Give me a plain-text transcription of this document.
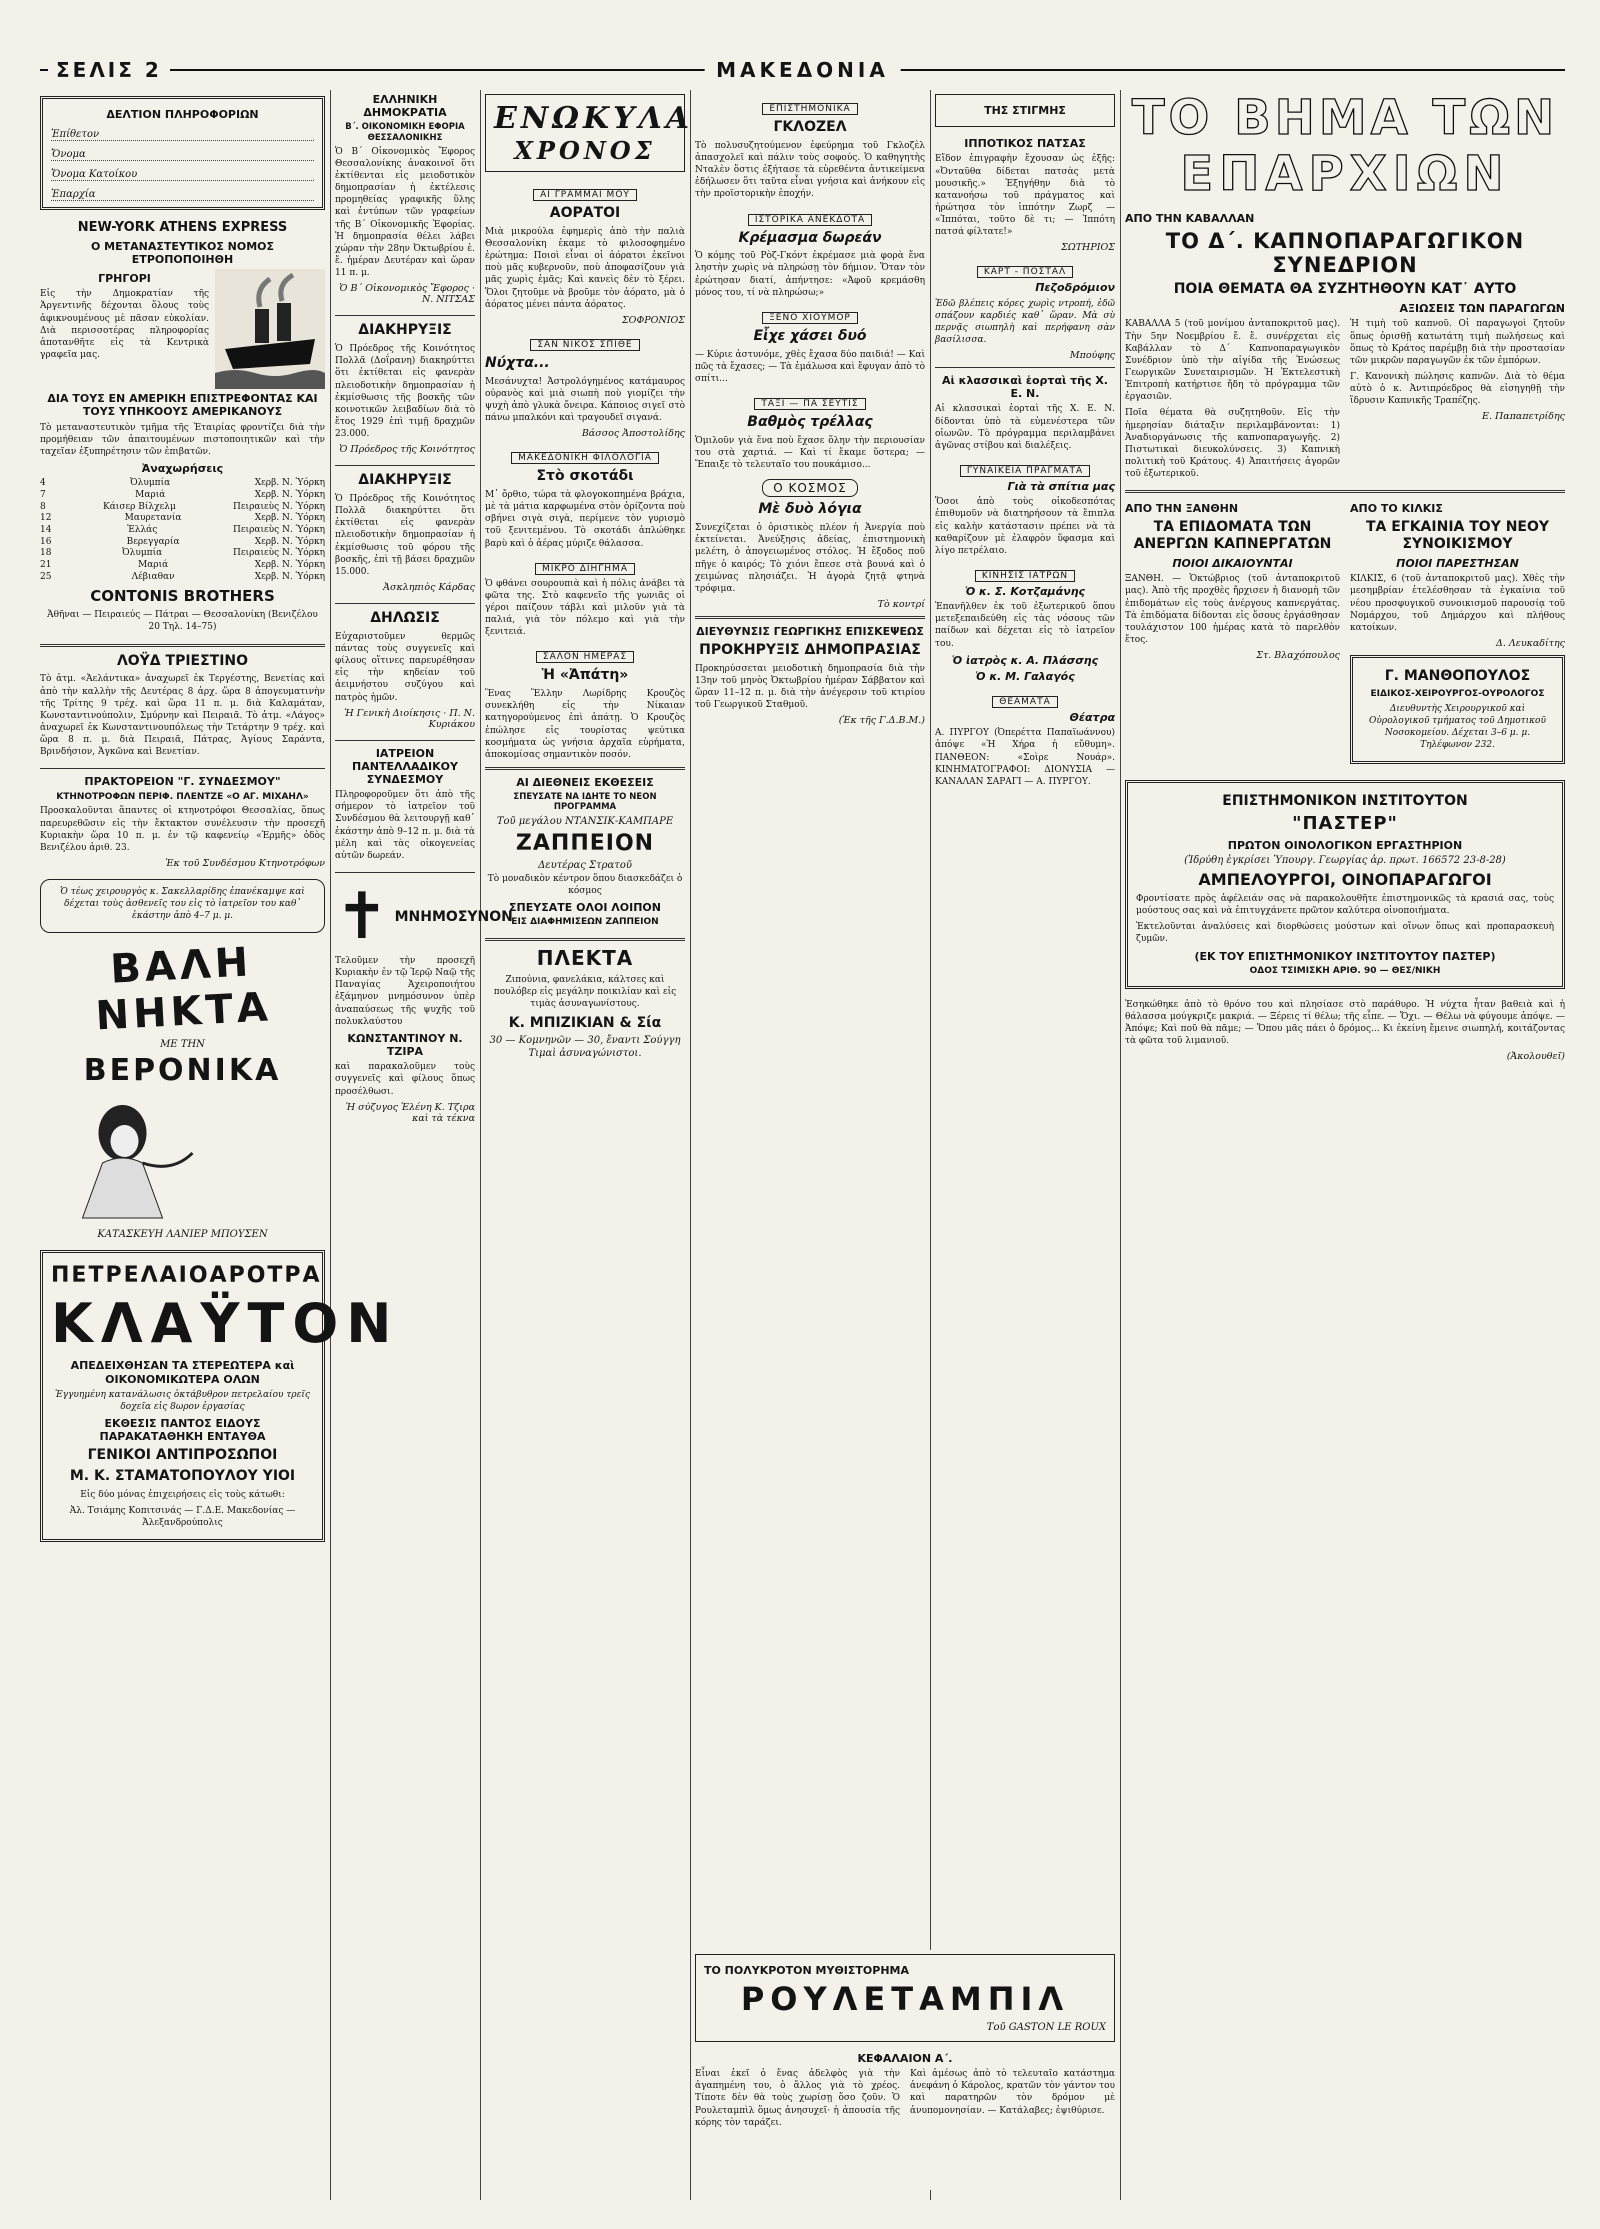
ΣΕΛΙΣ 2	ΜΑΚΕΔΟΝΙΑ
ΔΕΛΤΙΟΝ ΠΛΗΡΟΦΟΡΙΩΝ
Ἐπίθετον
Ὄνομα
Ὄνομα Κατοίκου
Ἐπαρχία
NEW-YORK ATHENS EXPRESS
Ο ΜΕΤΑΝΑΣΤΕΥΤΙΚΟΣ ΝΟΜΟΣ ΕΤΡΟΠΟΠΟΙΗΘΗ
ΓΡΗΓΟΡΙ

Εἰς τὴν Δημοκρατίαν τῆς Ἀργεντινῆς δέχονται ὅλους τοὺς ἀφικνουμένους μὲ πᾶσαν εὐκολίαν. Διὰ περισσοτέρας πληροφορίας ἀποτανθῆτε εἰς τὰ Κεντρικὰ γραφεῖα μας.

ΔΙΑ ΤΟΥΣ ΕΝ ΑΜΕΡΙΚΗ ΕΠΙΣΤΡΕΦΟΝΤΑΣ ΚΑΙ ΤΟΥΣ ΥΠΗΚΟΟΥΣ ΑΜΕΡΙΚΑΝΟΥΣ

Τὸ μεταναστευτικὸν τμῆμα τῆς Ἑταιρίας φροντίζει διὰ τὴν προμήθειαν τῶν ἀπαιτουμένων πιστοποιητικῶν καὶ τὴν ταχεῖαν ἐξυπηρέτησιν τῶν ἐπιβατῶν.

Ἀναχωρήσεις
4	Ὀλυμπία	Χερβ. Ν. Ὑόρκη
7	Μαριά	Χερβ. Ν. Ὑόρκη
8	Κάισερ Βίλχελμ	Πειραιεὺς Ν. Ὑόρκη
12	Μαυρετανία	Χερβ. Ν. Ὑόρκη
14	Ἑλλάς	Πειραιεὺς Ν. Ὑόρκη
16	Βερεγγαρία	Χερβ. Ν. Ὑόρκη
18	Ὀλυμπία	Πειραιεὺς Ν. Ὑόρκη
21	Μαριά	Χερβ. Ν. Ὑόρκη
25	Λέβιαθαν	Χερβ. Ν. Ὑόρκη
CONTONIS BROTHERS

Ἀθῆναι — Πειραιεύς — Πάτραι — Θεσσαλονίκη (Βενιζέλου 20 Τηλ. 14–75)

ΛΟΫΔ ΤΡΙΕΣΤΙΝΟ

Τὸ ἀτμ. «Ἀελάντικα» ἀναχωρεῖ ἐκ Τεργέστης, Βενετίας καὶ ἀπὸ τὴν καλλὴν τῆς Δευτέρας 8 ἀρχ. ὥρα 8 ἀπογευματινὴν τῆς Τρίτης 9 τρέχ. καὶ ὥρα 11 π. μ. διὰ Καλαμάταν, Κωνσταντινούπολιν, Σμύρνην καὶ Πειραιᾶ. Τὸ ἀτμ. «Λάγος» ἀναχωρεῖ ἐκ Κωνσταντινουπόλεως τὴν Τετάρτην 9 τρέχ. καὶ ὥρα 8 π. μ. διὰ Πειραιᾶ, Πάτρας, Ἀγίους Σαράντα, Βρινδήσιον, Ἀγκῶνα καὶ Βενετίαν.

ΠΡΑΚΤΟΡΕΙΟΝ "Γ. ΣΥΝΔΕΣΜΟΥ"
ΚΤΗΝΟΤΡΟΦΩΝ ΠΕΡΙΦ. ΠΛΕΝΤΖΕ «Ο ΑΓ. ΜΙΧΑΗΛ»

Προσκαλοῦνται ἅπαντες οἱ κτηνοτρόφοι Θεσσαλίας, ὅπως παρευρεθῶσιν εἰς τὴν ἔκτακτον συνέλευσιν τὴν προσεχῆ Κυριακὴν ὥρα 10 π. μ. ἐν τῷ καφενείῳ «Ἐρμῆς» ὁδὸς Βενιζέλου ἀριθ. 23.

Ἐκ τοῦ Συνδέσμου Κτηνοτρόφων

Ὁ τέως χειρουργὸς κ. Σακελλαρίδης ἐπανέκαμψε καὶ δέχεται τοὺς ἀσθενεῖς του εἰς τὸ ἰατρεῖον του καθ᾽ ἑκάστην ἀπὸ 4–7 μ. μ.

ΒΑΛΗ ΝΗΚΤΑ
ΜΕ ΤΗΝ
ΒΕΡΟΝΙΚΑ
ΚΑΤΑΣΚΕΥΗ ΛΑΝΙΕΡ ΜΠΟΥΣΕΝ
ΠΕΤΡΕΛΑΙΟΑΡΟΤΡΑ
ΚΛΑΫΤΟΝ
ΑΠΕΔΕΙΧΘΗΣΑΝ ΤΑ ΣΤΕΡΕΩΤΕΡΑ καὶ ΟΙΚΟΝΟΜΙΚΩΤΕΡΑ ΟΛΩΝ

Ἐγγυημένη κατανάλωσις ὀκτάβυθρον πετρελαίου τρεῖς δοχεῖα εἰς 8ωρον ἐργασίας

ΕΚΘΕΣΙΣ ΠΑΝΤΟΣ ΕΙΔΟΥΣ ΠΑΡΑΚΑΤΑΘΗΚΗ ΕΝΤΑΥΘΑ
ΓΕΝΙΚΟΙ ΑΝΤΙΠΡΟΣΩΠΟΙ
Μ. Κ. ΣΤΑΜΑΤΟΠΟΥΛΟΥ ΥΙΟΙ

Εἰς δύο μόνας ἐπιχειρήσεις εἰς τοὺς κάτωθι:

Ἀλ. Τσιάμης Κοπιτσινάς — Γ.Δ.Ε. Μακεδονίας — Ἀλεξανδρούπολις

ΕΛΛΗΝΙΚΗ ΔΗΜΟΚΡΑΤΙΑ
Β΄. ΟΙΚΟΝΟΜΙΚΗ ΕΦΟΡΙΑ ΘΕΣΣΑΛΟΝΙΚΗΣ

Ὁ Β΄ Οἰκονομικὸς Ἔφορος Θεσσαλονίκης ἀνακοινοῖ ὅτι ἐκτίθενται εἰς μειοδοτικὸν δημοπρασίαν ἡ ἐκτέλεσις προμηθείας γραφικῆς ὕλης καὶ ἐντύπων τῶν γραφείων τῆς Β΄ Οἰκονομικῆς Ἐφορίας. Ἡ δημοπρασία θέλει λάβει χώραν τὴν 28ην Ὀκτωβρίου ἐ. ἔ. ἡμέραν Δευτέραν καὶ ὥραν 11 π. μ.

Ὁ Β΄ Οἰκονομικὸς Ἔφορος · Ν. ΝΙΤΣΑΣ
ΔΙΑΚΗΡΥΞΙΣ

Ὁ Πρόεδρος τῆς Κοινότητος Πολλᾶ (Δοΐρανη) διακηρύττει ὅτι ἐκτίθεται εἰς φανερὰν πλειοδοτικὴν δημοπρασίαν ἡ ἐκμίσθωσις τῆς βοσκῆς τῶν κοινοτικῶν λειβαδίων διὰ τὸ ἔτος 1929 ἐπὶ τιμῇ δραχμῶν 23.000.

Ὁ Πρόεδρος τῆς Κοινότητος
ΔΙΑΚΗΡΥΞΙΣ

Ὁ Πρόεδρος τῆς Κοινότητος Πολλᾶ διακηρύττει ὅτι ἐκτίθεται εἰς φανερὰν πλειοδοτικὴν δημοπρασίαν ἡ ἐκμίσθωσις τοῦ φόρου τῆς βοσκῆς, ἐπὶ τῇ βάσει δραχμῶν 15.000.

Ἀσκληπιὸς Κάρδας
ΔΗΛΩΣΙΣ

Εὐχαριστοῦμεν θερμῶς πάντας τοὺς συγγενεῖς καὶ φίλους οἵτινες παρευρέθησαν εἰς τὴν κηδείαν τοῦ ἀειμνήστου συζύγου καὶ πατρὸς ἡμῶν.

Ἡ Γενικὴ Διοίκησις · Π. Ν. Κυριάκου
ΙΑΤΡΕΙΟΝ ΠΑΝΤΕΛΛΑΔΙΚΟΥ ΣΥΝΔΕΣΜΟΥ

Πληροφοροῦμεν ὅτι ἀπὸ τῆς σήμερον τὸ ἰατρεῖον τοῦ Συνδέσμου θὰ λειτουργῇ καθ᾽ ἑκάστην ἀπὸ 9–12 π. μ. διὰ τὰ μέλη καὶ τὰς οἰκογενείας αὐτῶν δωρεάν.

✝ ΜΝΗΜΟΣΥΝΟΝ

Τελοῦμεν τὴν προσεχῆ Κυριακὴν ἐν τῷ Ἱερῷ Ναῷ τῆς Παναγίας Ἀχειροποιήτου ἑξάμηνον μνημόσυνον ὑπὲρ ἀναπαύσεως τῆς ψυχῆς τοῦ πολυκλαύστου

ΚΩΝΣΤΑΝΤΙΝΟΥ Ν. ΤΖΙΡΑ

καὶ παρακαλοῦμεν τοὺς συγγενεῖς καὶ φίλους ὅπως προσέλθωσι.

Ἡ σύζυγος Ἑλένη Κ. Τζιρα καὶ τὰ τέκνα
ΕΝΩΚΥΛΑ
ΧΡΟΝΟΣ
ΑΙ ΓΡΑΜΜΑΙ ΜΟΥ
ΑΟΡΑΤΟΙ

Μιὰ μικρούλα ἐφημερὶς ἀπὸ τὴν παλιὰ Θεσσαλονίκη ἐκαμε τὸ φιλοσοφημένο ἐρώτημα: Ποιοὶ εἶναι οἱ ἀόρατοι ἐκεῖνοι ποὺ μᾶς κυβερνοῦν, ποὺ ἀποφασίζουν γιὰ μᾶς χωρὶς ἐμᾶς; Καὶ κανεὶς δὲν τὸ ξέρει. Ὅλοι ζητοῦμε νὰ βροῦμε τὸν ἀόρατο, μὰ ὁ ἀόρατος μένει πάντα ἀόρατος.

ΣΟΦΡΟΝΙΟΣ
ΣΑΝ ΝΙΚΟΣ ΣΠΙΘΕ
Νύχτα...

Μεσάνυχτα! Ἀστρολόγημένος κατάμαυρος οὐρανὸς καὶ μιὰ σιωπὴ ποὺ γιομίζει τὴν ψυχὴ ἀπὸ γλυκὰ ὄνειρα. Κάποιος σιγεῖ στὸ πάνω μπαλκόνι καὶ τραγουδεῖ σιγανά.

Βάσσος Ἀποστολίδης
ΜΑΚΕΔΟΝΙΚΗ ΦΙΛΟΛΟΓΙΑ
Στὸ σκοτάδι

Μ᾽ ὄρθιο, τώρα τὰ φλογοκοπημένα βράχια, μὲ τὰ μάτια καρφωμένα στὸν ὁρίζοντα ποὺ σβήνει σιγὰ σιγὰ, περίμενε τὸν γυρισμὸ τοῦ ξενιτεμένου. Τὸ σκοτάδι ἁπλώθηκε βαρὺ καὶ ὁ ἀέρας μύριζε θάλασσα.

ΜΙΚΡΟ ΔΙΗΓΗΜΑ

Ὁ φθάνει σουρουπιὰ καὶ ἡ πόλις ἀνάβει τὰ φῶτα της. Στὸ καφενεῖο τῆς γωνιᾶς οἱ γέροι παίζουν τάβλι καὶ μιλοῦν γιὰ τὰ παλιά, γιὰ τὸν πόλεμο καὶ γιὰ τὴν ξενιτειά.

ΣΑΛΟΝ ΗΜΕΡΑΣ
Ἡ «Ἀπάτη»

Ἕνας Ἕλλην Λωρίδρης Κρουζὸς συνεκλήθη εἰς τὴν Νίκαιαν κατηγορούμενος ἐπὶ ἀπάτῃ. Ὁ Κρουζὸς ἐπώλησε εἰς τουρίστας ψεύτικα κοσμήματα ὡς γνήσια ἀρχαῖα εὑρήματα, ἀποκομίσας σημαντικὸν ποσόν.

ΑΙ ΔΙΕΘΝΕΙΣ ΕΚΘΕΣΕΙΣ
ΣΠΕΥΣΑΤΕ ΝΑ ΙΔΗΤΕ ΤΟ ΝΕΟΝ ΠΡΟΓΡΑΜΜΑ
Τοῦ μεγάλου ΝΤΑΝΣΙΚ-ΚΑΜΠΑΡΕ
ΖΑΠΠΕΙΟΝ
Δευτέρας Στρατοῦ

Τὸ μοναδικὸν κέντρον ὅπου διασκεδάζει ὁ κόσμος

ΣΠΕΥΣΑΤΕ ΟΛΟΙ ΛΟΙΠΟΝ
ΕΙΣ ΔΙΑΦΗΜΙΣΕΩΝ ΖΑΠΠΕΙΟΝ
ΠΛΕΚΤΑ

Ζιπούνια, φανελάκια, κάλτσες καὶ πουλόβερ εἰς μεγάλην ποικιλίαν καὶ εἰς τιμὰς ἀσυναγωνίστους.

Κ. ΜΠΙΖΙΚΙΑΝ & Σία
30 — Κομνηνῶν — 30, ἔναντι Σούγγη
Τιμαὶ ἀσυναγώνιστοι.
ΕΠΙΣΤΗΜΟΝΙΚΑ
ΓΚΛΟΖΕΛ

Τὸ πολυσυζητούμενον ἐφεύρημα τοῦ Γκλοζὲλ ἀπασχολεῖ καὶ πάλιν τοὺς σοφούς. Ὁ καθηγητὴς Νταλὲν ὅστις ἐξήτασε τὰ εὑρεθέντα ἀντικείμενα ἐδήλωσεν ὅτι ταῦτα εἶναι γνήσια καὶ ἀνήκουν εἰς τὴν προϊστορικὴν ἐποχήν.

ΙΣΤΟΡΙΚΑ ΑΝΕΚΔΟΤΑ
Κρέμασμα δωρεάν

Ὁ κόμης τοῦ Ρὸζ-Γκόντ ἐκρέμασε μιὰ φορὰ ἕνα ληστὴν χωρὶς νὰ πληρώσῃ τὸν δήμιον. Ὅταν τὸν ἐρώτησαν διατί, ἀπήντησε: «Ἀφοῦ κρεμάσθη μόνος του, τί νὰ πληρώσω;»

ΞΕΝΟ ΧΙΟΥΜΟΡ
Εἶχε χάσει δυό

— Κύριε ἀστυνόμε, χθὲς ἔχασα δύο παιδιά! — Καὶ πῶς τὰ ἔχασες; — Τὰ ἐμάλωσα καὶ ἔφυγαν ἀπὸ τὸ σπίτι...

ΤΑΞΙ — ΠΑ ΣΕΥΤΙΣ
Βαθμὸς τρέλλας

Ὁμιλοῦν γιὰ ἕνα ποὺ ἔχασε ὅλην τὴν περιουσίαν του στὰ χαρτιά. — Καὶ τί ἔκαμε ὕστερα; — Ἔπαιξε τὸ τελευταῖο του πουκάμισο...

Ο ΚΟΣΜΟΣ
Μὲ δυὸ λόγια

Συνεχίζεται ὁ ὀριστικὸς πλέον ἡ Ἀνεργία ποὺ ἐκτείνεται. Ἀνεύξησις ἀδείας, ἐπιστημονικὴ μελέτη, ὁ ἀπογειωμένος στόλος. Ἡ ἔξοδος ποῦ πῆγε ὁ καιρός; Τὸ χιόνι ἔπεσε στὰ βουνά καὶ ὁ χειμώνας πλησιάζει. Ἡ ἀγορὰ ζητᾷ φτηνὰ τρόφιμα.

Τὸ κοντρί
ΔΙΕΥΘΥΝΣΙΣ ΓΕΩΡΓΙΚΗΣ ΕΠΙΣΚΕΨΕΩΣ
ΠΡΟΚΗΡΥΞΙΣ ΔΗΜΟΠΡΑΣΙΑΣ

Προκηρύσσεται μειοδοτικὴ δημοπρασία διὰ τὴν 13ην τοῦ μηνὸς Ὀκτωβρίου ἡμέραν Σάββατον καὶ ὥραν 11–12 π. μ. διὰ τὴν ἀνέγερσιν τοῦ κτιρίου τοῦ Γεωργικοῦ Σταθμοῦ.

(Ἐκ τῆς Γ.Δ.Β.Μ.)
ΤΗΣ ΣΤΙΓΜΗΣ
ΙΠΠΟΤΙΚΟΣ ΠΑΤΣΑΣ

Εἴδον ἐπιγραφὴν ἔχουσαν ὡς ἑξῆς: «Ὀνταῦθα δίδεται πατσὰς μετὰ μουσικῆς.» Ἐξηγήθην διὰ τὸ κατανοήσω τοῦ πράγματος καὶ ἠρώτησα τὸν ἱππότην Ζωρζ — «Ἱππόται, τοῦτο δὲ τι; — Ἱππότη πατσά φίλτατε!»

ΣΩΤΗΡΙΟΣ
ΚΑΡΤ - ΠΟΣΤΑΛ
Πεζοδρόμιον

Ἐδῶ βλέπεις κόρες χωρὶς ντροπή, ἐδῶ σπάζουν καρδιές καθ᾽ ὥραν. Μὰ σὺ περνᾷς σιωπηλὴ καὶ περήφανη σὰν βασίλισσα.

Μπούφης
Αἱ κλασσικαὶ ἑορταὶ τῆς Χ. Ε. Ν.

Αἱ κλασσικαὶ ἑορταὶ τῆς Χ. Ε. Ν. δίδονται ὑπὸ τὰ εὐμενέστερα τῶν οἰωνῶν. Τὸ πρόγραμμα περιλαμβάνει ἀγῶνας στίβου καὶ διαλέξεις.

ΓΥΝΑΙΚΕΙΑ ΠΡΑΓΜΑΤΑ
Γιὰ τὰ σπίτια μας

Ὅσοι ἀπὸ τοὺς οἰκοδεσπότας ἐπιθυμοῦν νὰ διατηρήσουν τὰ ἔπιπλα εἰς καλὴν κατάστασιν πρέπει νὰ τὰ καθαρίζουν μὲ ἐλαφρὸν ὕφασμα καὶ λίγο πετρέλαιο.

ΚΙΝΗΣΙΣ ΙΑΤΡΩΝ
Ὁ κ. Σ. Κοτζαμάνης

Ἐπανῆλθεν ἐκ τοῦ ἐξωτερικοῦ ὅπου μετεξεπαιδεύθη εἰς τὰς νόσους τῶν παίδων καὶ δέχεται εἰς τὸ ἰατρεῖον του.

Ὁ ἰατρὸς κ. Α. Πλάσσης
Ὁ κ. Μ. Γαλαγός
ΘΕΑΜΑΤΑ
Θέατρα

Α. ΠΥΡΓΟΥ (Ὀπερέττα Παπαϊωάννου) ἀπόψε «Ἡ Χήρα ἡ εὔθυμη». ΠΑΝΘΕΟΝ: «Σοὶρε Νουάρ». ΚΙΝΗΜΑΤΟΓΡΑΦΟΙ: ΔΙΟΝΥΣΙΑ — ΚΑΝΑΛΑΝ ΣΑΡΑΓΙ — Α. ΠΥΡΓΟΥ.

ΤΟ ΒΗΜΑ ΤΩΝ
ΕΠΑΡΧΙΩΝ
ΑΠΟ ΤΗΝ ΚΑΒΑΛΛΑΝ
ΤΟ Δ΄. ΚΑΠΝΟΠΑΡΑΓΩΓΙΚΟΝ ΣΥΝΕΔΡΙΟΝ
ΠΟΙΑ ΘΕΜΑΤΑ ΘΑ ΣΥΖΗΤΗΘΟΥΝ ΚΑΤ᾽ ΑΥΤΟ
ΑΞΙΩΣΕΙΣ ΤΩΝ ΠΑΡΑΓΩΓΩΝ

ΚΑΒΑΛΛΑ 5 (τοῦ μονίμου ἀνταποκριτοῦ μας). Τὴν 5ην Νοεμβρίου ἔ. ἔ. συνέρχεται εἰς Καβάλλαν τὸ Δ΄ Καπνοπαραγωγικὸν Συνέδριον ὑπὸ τὴν αἰγίδα τῆς Ἑνώσεως Γεωργικῶν Συνεταιρισμῶν. Ἡ Ἐκτελεστικὴ Ἐπιτροπὴ κατήρτισε ἤδη τὸ πρόγραμμα τῶν ἐργασιῶν.

Ποῖα θέματα θὰ συζητηθοῦν. Εἰς τὴν ἡμερησίαν διάταξιν περιλαμβάνονται: 1) Ἀναδιοργάνωσις τῆς καπνοπαραγωγῆς. 2) Πιστωτικαὶ διευκολύνσεις. 3) Καπνικὴ πολιτικὴ τοῦ Κράτους. 4) Ἀπαιτήσεις ἀγορῶν τοῦ ἐξωτερικοῦ.

Ἡ τιμὴ τοῦ καπνοῦ. Οἱ παραγωγοὶ ζητοῦν ὅπως ὁρισθῇ κατωτάτη τιμὴ πωλήσεως καὶ ὅπως τὸ Κράτος παρέμβῃ διὰ τὴν προστασίαν τῶν μικρῶν παραγωγῶν ἐκ τῶν ἐμπόρων.

Γ. Κανονικὴ πώλησις καπνῶν. Διὰ τὸ θέμα αὐτὸ ὁ κ. Ἀντιπρόεδρος θὰ εἰσηγηθῇ τὴν ἵδρυσιν Καπνικῆς Τραπέζης.

Ε. Παπαπετρίδης
ΑΠΟ ΤΗΝ ΞΑΝΘΗΝ
ΤΑ ΕΠΙΔΟΜΑΤΑ ΤΩΝ ΑΝΕΡΓΩΝ ΚΑΠΝΕΡΓΑΤΩΝ
ΠΟΙΟΙ ΔΙΚΑΙΟΥΝΤΑΙ

ΞΑΝΘΗ. — Ὁκτώβριος (τοῦ ἀνταποκριτοῦ μας). Ἀπὸ τῆς προχθὲς ἤρχισεν ἡ διανομὴ τῶν ἐπιδομάτων εἰς τοὺς ἀνέργους καπνεργάτας. Τὰ ἐπιδόματα δίδονται εἰς ὅσους ἐργάσθησαν τουλάχιστον 100 ἡμέρας κατὰ τὸ παρελθὸν ἔτος.

Στ. Βλαχόπουλος
ΑΠΟ ΤΟ ΚΙΛΚΙΣ
ΤΑ ΕΓΚΑΙΝΙΑ ΤΟΥ ΝΕΟΥ ΣΥΝΟΙΚΙΣΜΟΥ
ΠΟΙΟΙ ΠΑΡΕΣΤΗΣΑΝ

ΚΙΛΚΙΣ, 6 (τοῦ ἀνταποκριτοῦ μας). Χθὲς τὴν μεσημβρίαν ἐτελέσθησαν τὰ ἐγκαίνια τοῦ νέου προσφυγικοῦ συνοικισμοῦ παρουσίᾳ τοῦ Νομάρχου, τοῦ Δημάρχου καὶ πλήθους κατοίκων.

Δ. Λευκαδίτης
Γ. ΜΑΝΘΟΠΟΥΛΟΣ
ΕΙΔΙΚΟΣ-ΧΕΙΡΟΥΡΓΟΣ-ΟΥΡΟΛΟΓΟΣ

Διευθυντὴς Χειρουργικοῦ καὶ Οὐρολογικοῦ τμήματος τοῦ Δημοτικοῦ Νοσοκομείου. Δέχεται 3–6 μ. μ. Τηλέφωνον 232.

ΕΠΙΣΤΗΜΟΝΙΚΟΝ ΙΝΣΤΙΤΟΥΤΟΝ
"ΠΑΣΤΕΡ"
ΠΡΩΤΟΝ ΟΙΝΟΛΟΓΙΚΟΝ ΕΡΓΑΣΤΗΡΙΟΝ
(Ἱδρύθη ἐγκρίσει Ὑπουργ. Γεωργίας ἀρ. πρωτ. 166572 23-8-28)
ΑΜΠΕΛΟΥΡΓΟΙ, ΟΙΝΟΠΑΡΑΓΩΓΟΙ

Φροντίσατε πρὸς ἀφέλειάν σας νὰ παρακολουθῆτε ἐπιστημονικῶς τὰ κρασιά σας, τοὺς μούστους σας καὶ νὰ ἐπιτυγχάνετε πρῶτον καλύτερα οἰνοποιήματα.

Ἐκτελοῦνται ἀναλύσεις καὶ διορθώσεις μούστων καὶ οἴνων ὅπως καὶ προπαρασκευὴ ζυμῶν.

(ΕΚ ΤΟΥ ΕΠΙΣΤΗΜΟΝΙΚΟΥ ΙΝΣΤΙΤΟΥΤΟΥ ΠΑΣΤΕΡ)
ΟΔΟΣ ΤΣΙΜΙΣΚΗ ΑΡΙΘ. 90 — ΘΕΣ/ΝΙΚΗ

Ἐσηκώθηκε ἀπὸ τὸ θρόνο του καὶ πλησίασε στὸ παράθυρο. Ἡ νύχτα ἦταν βαθειὰ καὶ ἡ θάλασσα μούγκριζε μακριά. — Ξέρεις τί θέλω; τῆς εἶπε. — Ὄχι. — Θέλω νὰ φύγουμε ἀπόψε. — Ἀπόψε; Καὶ ποῦ θὰ πᾶμε; — Ὅπου μᾶς πάει ὁ δρόμος... Κι ἐκείνη ἔμεινε σιωπηλή, κοιτάζοντας τὰ φῶτα τοῦ λιμανιοῦ.

(Ἀκολουθεῖ)
ΤΟ ΠΟΛΥΚΡΟΤΟΝ ΜΥΘΙΣΤΟΡΗΜΑ
ΡΟΥΛΕΤΑΜΠΙΛ
Τοῦ GASTON LE ROUX
ΚΕΦΑΛΑΙΟΝ Α΄.

Εἶναι ἐκεῖ ὁ ἕνας ἀδελφὸς γιὰ τὴν ἀγαπημένη του, ὁ ἄλλος γιὰ τὸ χρέος. Τίποτε δὲν θὰ τοὺς χωρίσῃ ὅσο ζοῦν. Ὁ Ρουλεταμπὶλ ὅμως ἀνησυχεῖ· ἡ ἀπουσία τῆς κόρης τὸν ταράζει.

Καὶ ἀμέσως ἀπὸ τὸ τελευταῖο κατάστημα ἀνεφάνη ὁ Κάρολος, κρατῶν τὸν γάντον του καὶ παρατηρῶν τὸν δρόμον μὲ ἀνυπομονησίαν. — Κατάλαβες; ἐψιθύρισε.
